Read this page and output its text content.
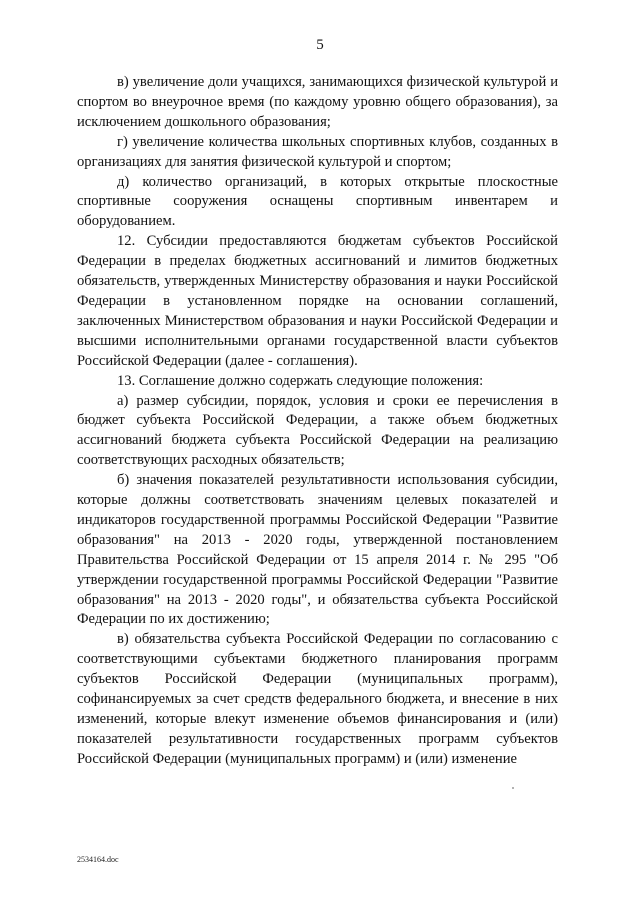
5

в) увеличение доли учащихся, занимающихся физической культурой и спортом во внеурочное время (по каждому уровню общего образования), за исключением дошкольного образования;

г) увеличение количества школьных спортивных клубов, созданных в организациях для занятия физической культурой и спортом;

д) количество организаций, в которых открытые плоскостные спортивные сооружения оснащены спортивным инвентарем и оборудованием.

12. Субсидии предоставляются бюджетам субъектов Российской Федерации в пределах бюджетных ассигнований и лимитов бюджетных обязательств, утвержденных Министерству образования и науки Российской Федерации в установленном порядке на основании соглашений, заключенных Министерством образования и науки Российской Федерации и высшими исполнительными органами государственной власти субъектов Российской Федерации (далее - соглашения).

13. Соглашение должно содержать следующие положения:

а) размер субсидии, порядок, условия и сроки ее перечисления в бюджет субъекта Российской Федерации, а также объем бюджетных ассигнований бюджета субъекта Российской Федерации на реализацию соответствующих расходных обязательств;

б) значения показателей результативности использования субсидии, которые должны соответствовать значениям целевых показателей и индикаторов государственной программы Российской Федерации "Развитие образования" на 2013 - 2020 годы, утвержденной постановлением Правительства Российской Федерации от 15 апреля 2014 г. № 295 "Об утверждении государственной программы Российской Федерации "Развитие образования" на 2013 - 2020 годы", и обязательства субъекта Российской Федерации по их достижению;

в) обязательства субъекта Российской Федерации по согласованию с соответствующими субъектами бюджетного планирования программ субъектов Российской Федерации (муниципальных программ), софинансируемых за счет средств федерального бюджета, и внесение в них изменений, которые влекут изменение объемов финансирования и (или) показателей результативности государственных программ субъектов Российской Федерации (муниципальных программ) и (или) изменение

2534164.doc
